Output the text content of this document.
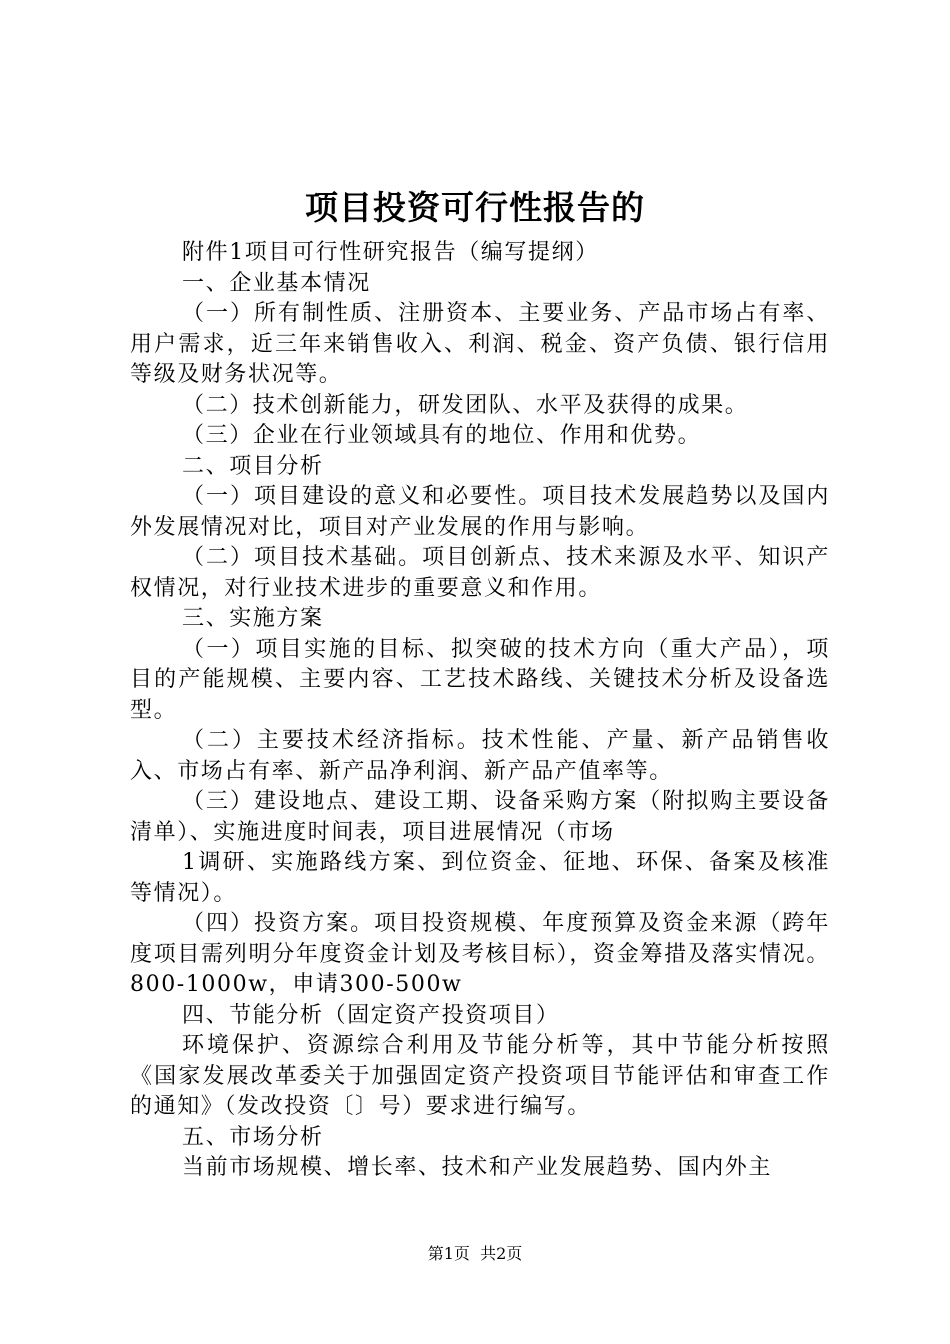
项目投资可行性报告的

附件1项目可行性研究报告（编写提纲）

一、企业基本情况

（一）所有制性质、注册资本、主要业务、产品市场占有率、用户需求，近三年来销售收入、利润、税金、资产负债、银行信用等级及财务状况等。

（二）技术创新能力，研发团队、水平及获得的成果。

（三）企业在行业领域具有的地位、作用和优势。

二、项目分析

（一）项目建设的意义和必要性。项目技术发展趋势以及国内外发展情况对比，项目对产业发展的作用与影响。

（二）项目技术基础。项目创新点、技术来源及水平、知识产权情况，对行业技术进步的重要意义和作用。

三、实施方案

（一）项目实施的目标、拟突破的技术方向（重大产品），项目的产能规模、主要内容、工艺技术路线、关键技术分析及设备选型。

（二）主要技术经济指标。技术性能、产量、新产品销售收入、市场占有率、新产品净利润、新产品产值率等。

（三）建设地点、建设工期、设备采购方案（附拟购主要设备清单）、实施进度时间表，项目进展情况（市场

1调研、实施路线方案、到位资金、征地、环保、备案及核准等情况）。

（四）投资方案。项目投资规模、年度预算及资金来源（跨年度项目需列明分年度资金计划及考核目标），资金筹措及落实情况。800-1000w，申请300-500w

四、节能分析（固定资产投资项目）

环境保护、资源综合利用及节能分析等，其中节能分析按照《国家发展改革委关于加强固定资产投资项目节能评估和审查工作的通知》（发改投资〔〕号）要求进行编写。

五、市场分析

当前市场规模、增长率、技术和产业发展趋势、国内外主

第1页  共2页
